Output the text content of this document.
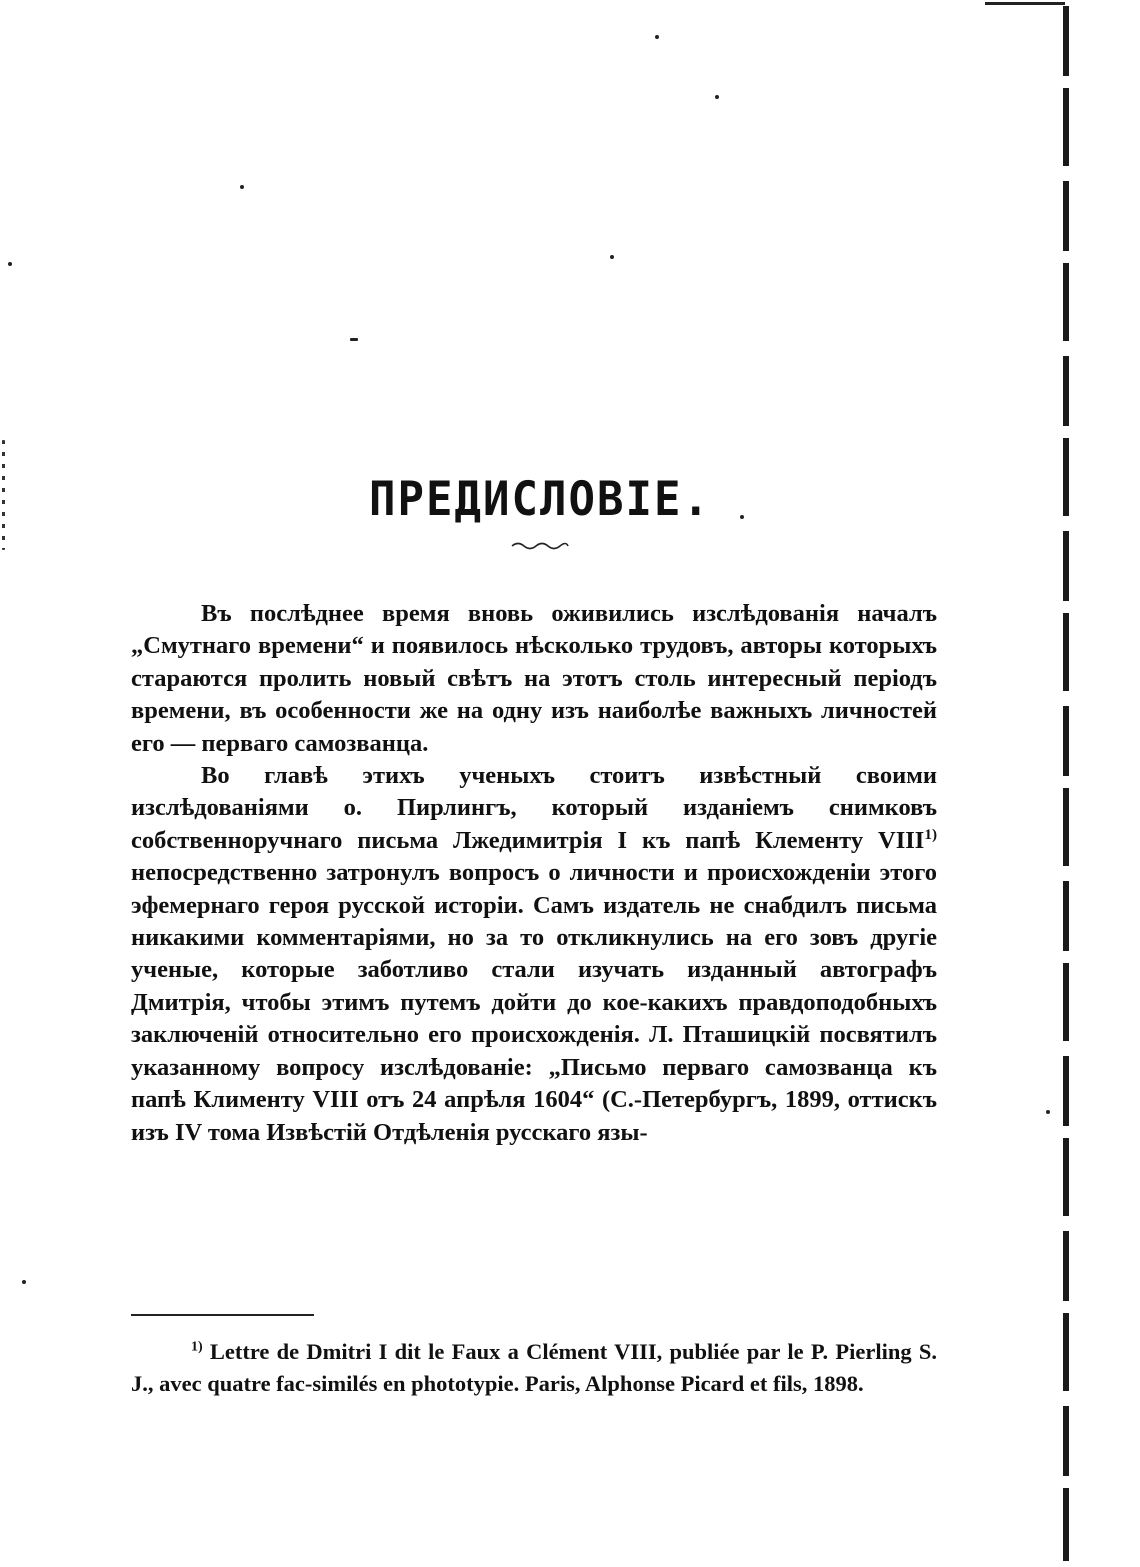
ПРЕДИСЛОВІЕ.

Въ послѣднее время вновь оживились изслѣдованія началъ „Смутнаго времени“ и появилось нѣсколько трудовъ, авторы которыхъ стараются пролить новый свѣтъ на этотъ столь интересный періодъ времени, въ особенности же на одну изъ наиболѣе важныхъ личностей его — перваго самозванца.

Во главѣ этихъ ученыхъ стоитъ извѣстный своими изслѣдованіями о. Пирлингъ, который изданіемъ снимковъ собственноручнаго письма Лжедимитрія I къ папѣ Клементу VIII$^{1)}$ непосредственно затронулъ вопросъ о личности и происхожденіи этого эфемернаго героя русской исторіи. Самъ издатель не снабдилъ письма никакими комментаріями, но за то откликнулись на его зовъ другіе ученые, которые заботливо стали изучать изданный автографъ Дмитрія, чтобы этимъ путемъ дойти до кое-какихъ правдоподобныхъ заключеній относительно его происхожденія. Л. Пташицкій посвятилъ указанному вопросу изслѣдованіе: „Письмо перваго самозванца къ папѣ Клименту VIII отъ 24 апрѣля 1604“ (С.-Петербургъ, 1899, оттискъ изъ IV тома Извѣстій Отдѣленія русскаго язы-

$^{1)}$ Lettre de Dmitri I dit le Faux a Clément VIII, publiée par le P. Pierling S. J., avec quatre fac-similés en phototypie. Paris, Alphonse Picard et fils, 1898.
